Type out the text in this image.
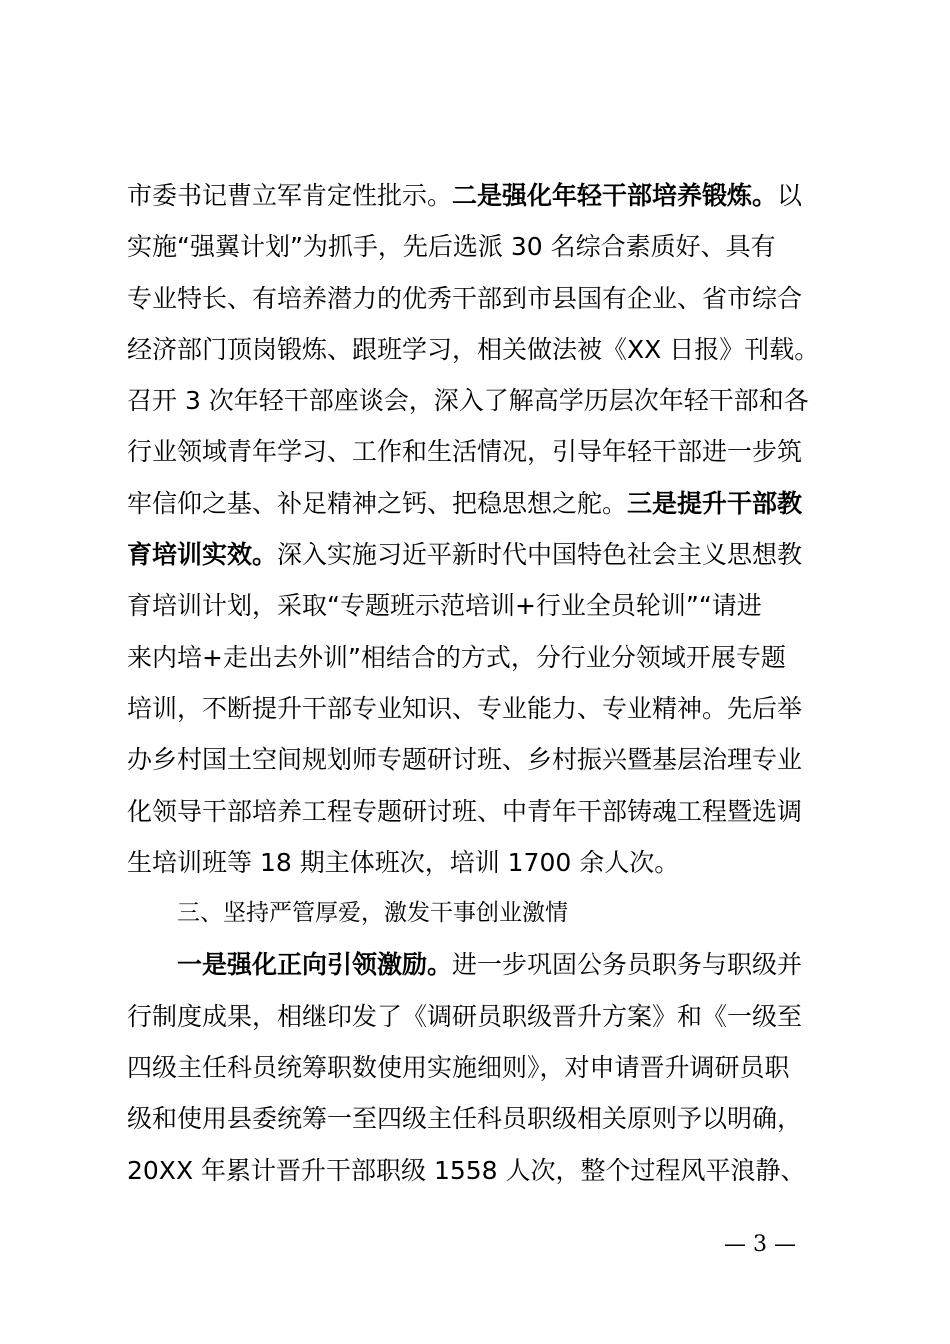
市委书记曹立军肯定性批示。二是强化年轻干部培养锻炼。以
实施“强翼计划”为抓手，先后选派 30 名综合素质好、具有
专业特长、有培养潜力的优秀干部到市县国有企业、省市综合
经济部门顶岗锻炼、跟班学习，相关做法被《XX 日报》刊载。
召开 3 次年轻干部座谈会，深入了解高学历层次年轻干部和各
行业领域青年学习、工作和生活情况，引导年轻干部进一步筑
牢信仰之基、补足精神之钙、把稳思想之舵。三是提升干部教
育培训实效。深入实施习近平新时代中国特色社会主义思想教
育培训计划，采取“专题班示范培训+行业全员轮训”“请进
来内培+走出去外训”相结合的方式，分行业分领域开展专题
培训，不断提升干部专业知识、专业能力、专业精神。先后举
办乡村国土空间规划师专题研讨班、乡村振兴暨基层治理专业
化领导干部培养工程专题研讨班、中青年干部铸魂工程暨选调
生培训班等 18 期主体班次，培训 1700 余人次。
三、坚持严管厚爱，激发干事创业激情
一是强化正向引领激励。进一步巩固公务员职务与职级并
行制度成果，相继印发了《调研员职级晋升方案》和《一级至
四级主任科员统筹职数使用实施细则》，对申请晋升调研员职
级和使用县委统筹一至四级主任科员职级相关原则予以明确，
20XX 年累计晋升干部职级 1558 人次，整个过程风平浪静、
— 3 —
